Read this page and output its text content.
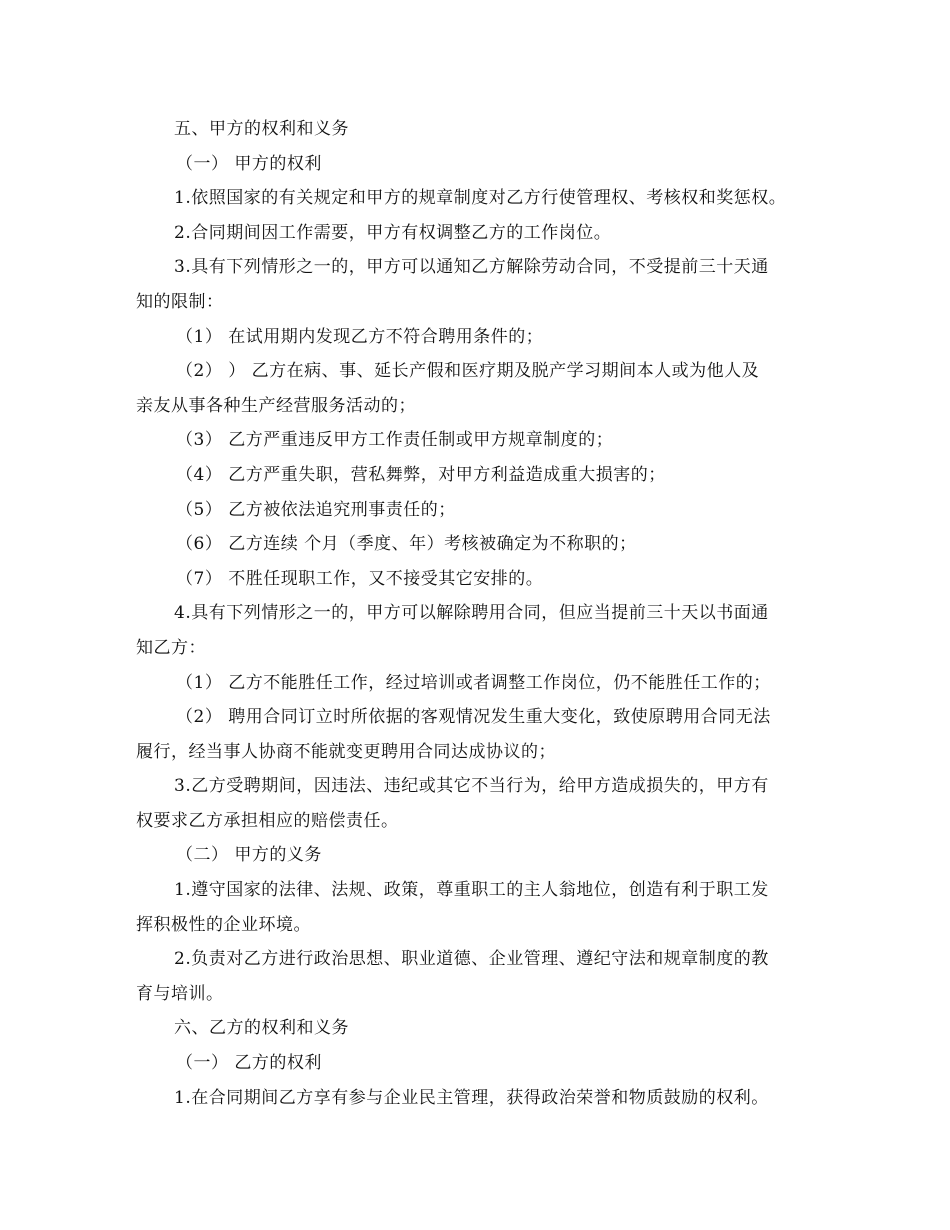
五、甲方的权利和义务

（一） 甲方的权利

1.依照国家的有关规定和甲方的规章制度对乙方行使管理权、考核权和奖惩权。

2.合同期间因工作需要，甲方有权调整乙方的工作岗位。

3.具有下列情形之一的，甲方可以通知乙方解除劳动合同，不受提前三十天通

知的限制：

（1） 在试用期内发现乙方不符合聘用条件的；

（2） ） 乙方在病、事、延长产假和医疗期及脱产学习期间本人或为他人及

亲友从事各种生产经营服务活动的；

（3） 乙方严重违反甲方工作责任制或甲方规章制度的；

（4） 乙方严重失职，营私舞弊，对甲方利益造成重大损害的；

（5） 乙方被依法追究刑事责任的；

（6） 乙方连续 个月（季度、年）考核被确定为不称职的；

（7） 不胜任现职工作，又不接受其它安排的。

4.具有下列情形之一的，甲方可以解除聘用合同，但应当提前三十天以书面通

知乙方：

（1） 乙方不能胜任工作，经过培训或者调整工作岗位，仍不能胜任工作的；

（2） 聘用合同订立时所依据的客观情况发生重大变化，致使原聘用合同无法

履行，经当事人协商不能就变更聘用合同达成协议的；

3.乙方受聘期间，因违法、违纪或其它不当行为，给甲方造成损失的，甲方有

权要求乙方承担相应的赔偿责任。

（二） 甲方的义务

1.遵守国家的法律、法规、政策，尊重职工的主人翁地位，创造有利于职工发

挥积极性的企业环境。

2.负责对乙方进行政治思想、职业道德、企业管理、遵纪守法和规章制度的教

育与培训。

六、乙方的权利和义务

（一） 乙方的权利

1.在合同期间乙方享有参与企业民主管理，获得政治荣誉和物质鼓励的权利。
